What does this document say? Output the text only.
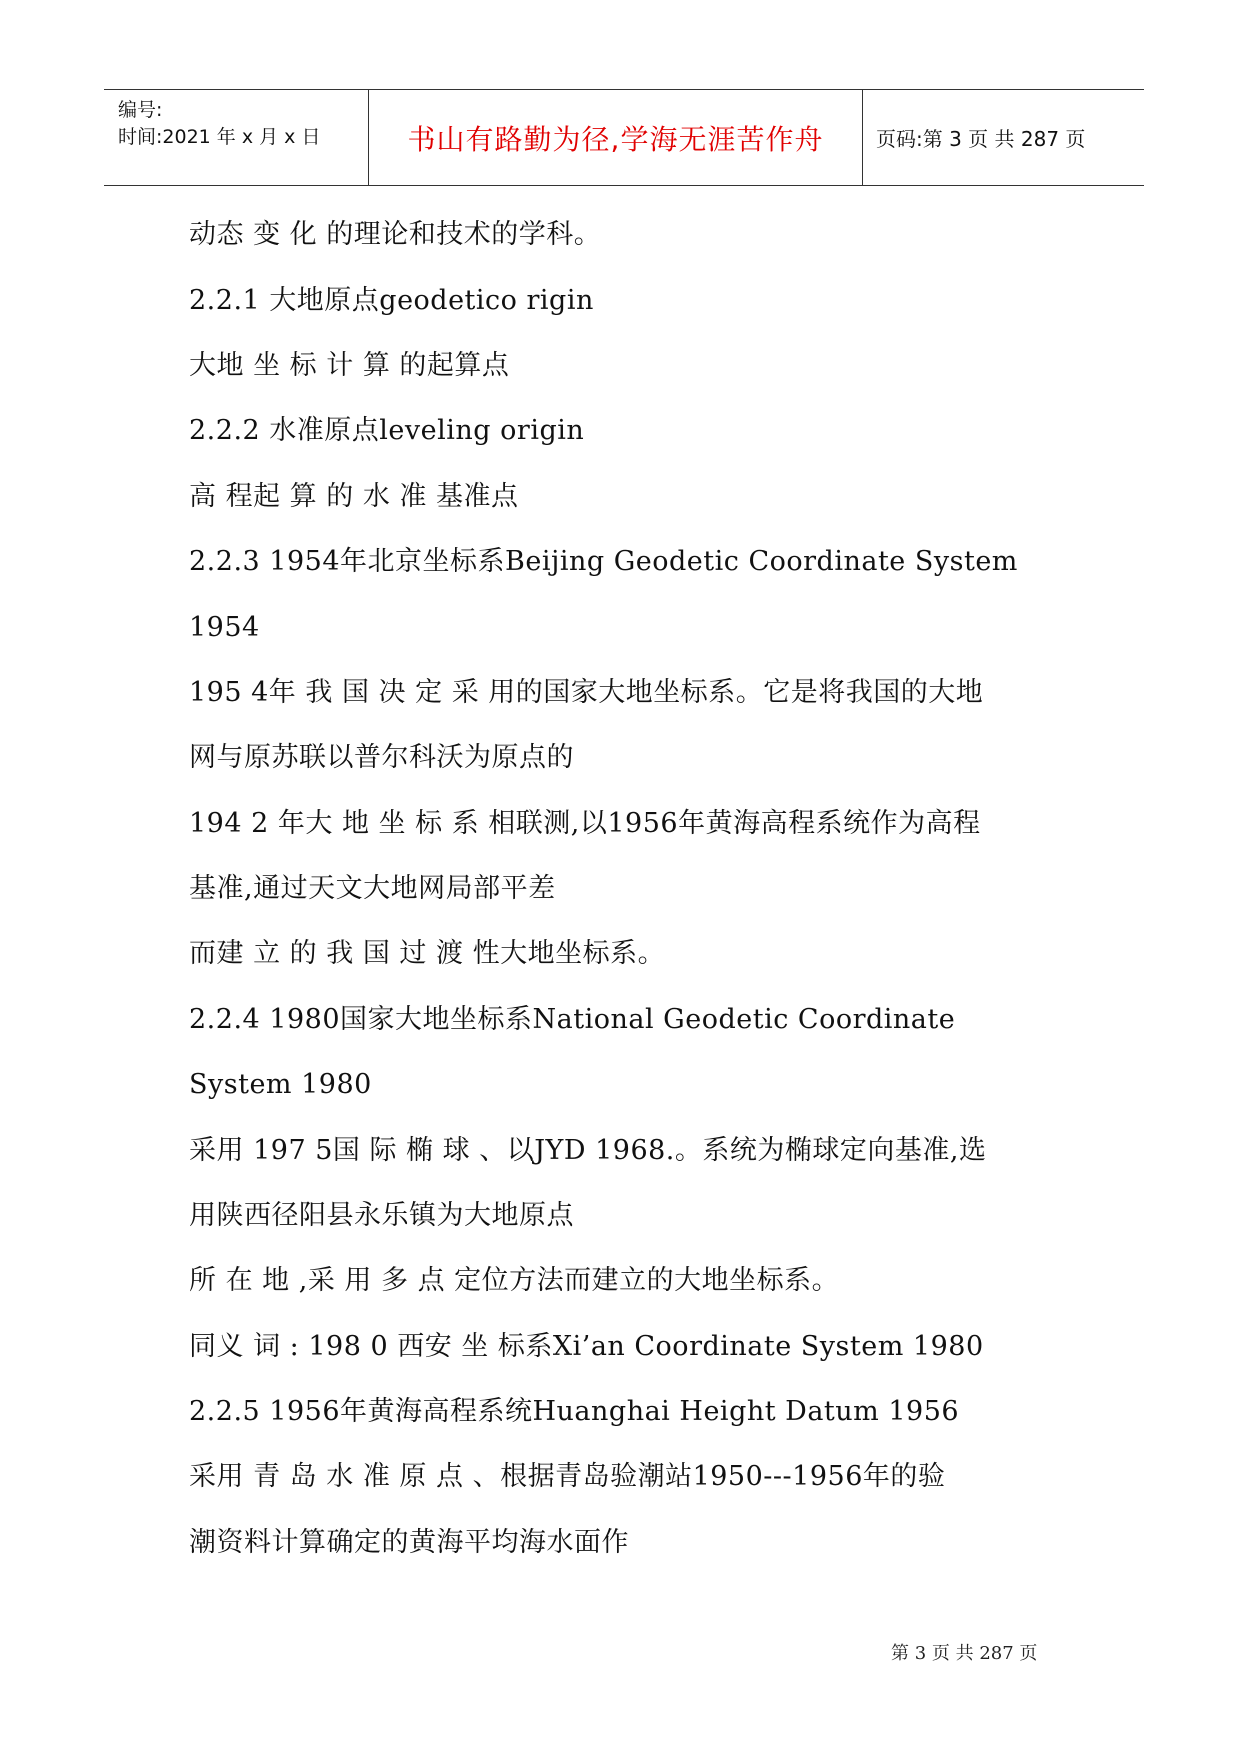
编号:
时间:2021 年 x 月 x 日	书山有路勤为径,学海无涯苦作舟	页码:第 3 页 共 287 页
动态 变 化 的理论和技术的学科。
2.2.1 大地原点geodetico rigin
大地 坐 标 计 算 的起算点
2.2.2 水准原点leveling origin
高 程起 算 的 水 准 基准点
2.2.3 1954年北京坐标系Beijing Geodetic Coordinate System
1954
195 4年 我 国 决 定 采 用的国家大地坐标系。它是将我国的大地
网与原苏联以普尔科沃为原点的
194 2 年大 地 坐 标 系 相联测,以1956年黄海高程系统作为高程
基准,通过天文大地网局部平差
而建 立 的 我 国 过 渡 性大地坐标系。
2.2.4 1980国家大地坐标系National Geodetic Coordinate
System 1980
采用 197 5国 际 椭 球 、以JYD 1968.。系统为椭球定向基准,选
用陕西径阳县永乐镇为大地原点
所 在 地 ,采 用 多 点 定位方法而建立的大地坐标系。
同义 词 : 198 0 西安 坐 标系Xi’an Coordinate System 1980
2.2.5 1956年黄海高程系统Huanghai Height Datum 1956
采用 青 岛 水 准 原 点 、根据青岛验潮站1950---1956年的验
潮资料计算确定的黄海平均海水面作
第 3 页 共 287 页
